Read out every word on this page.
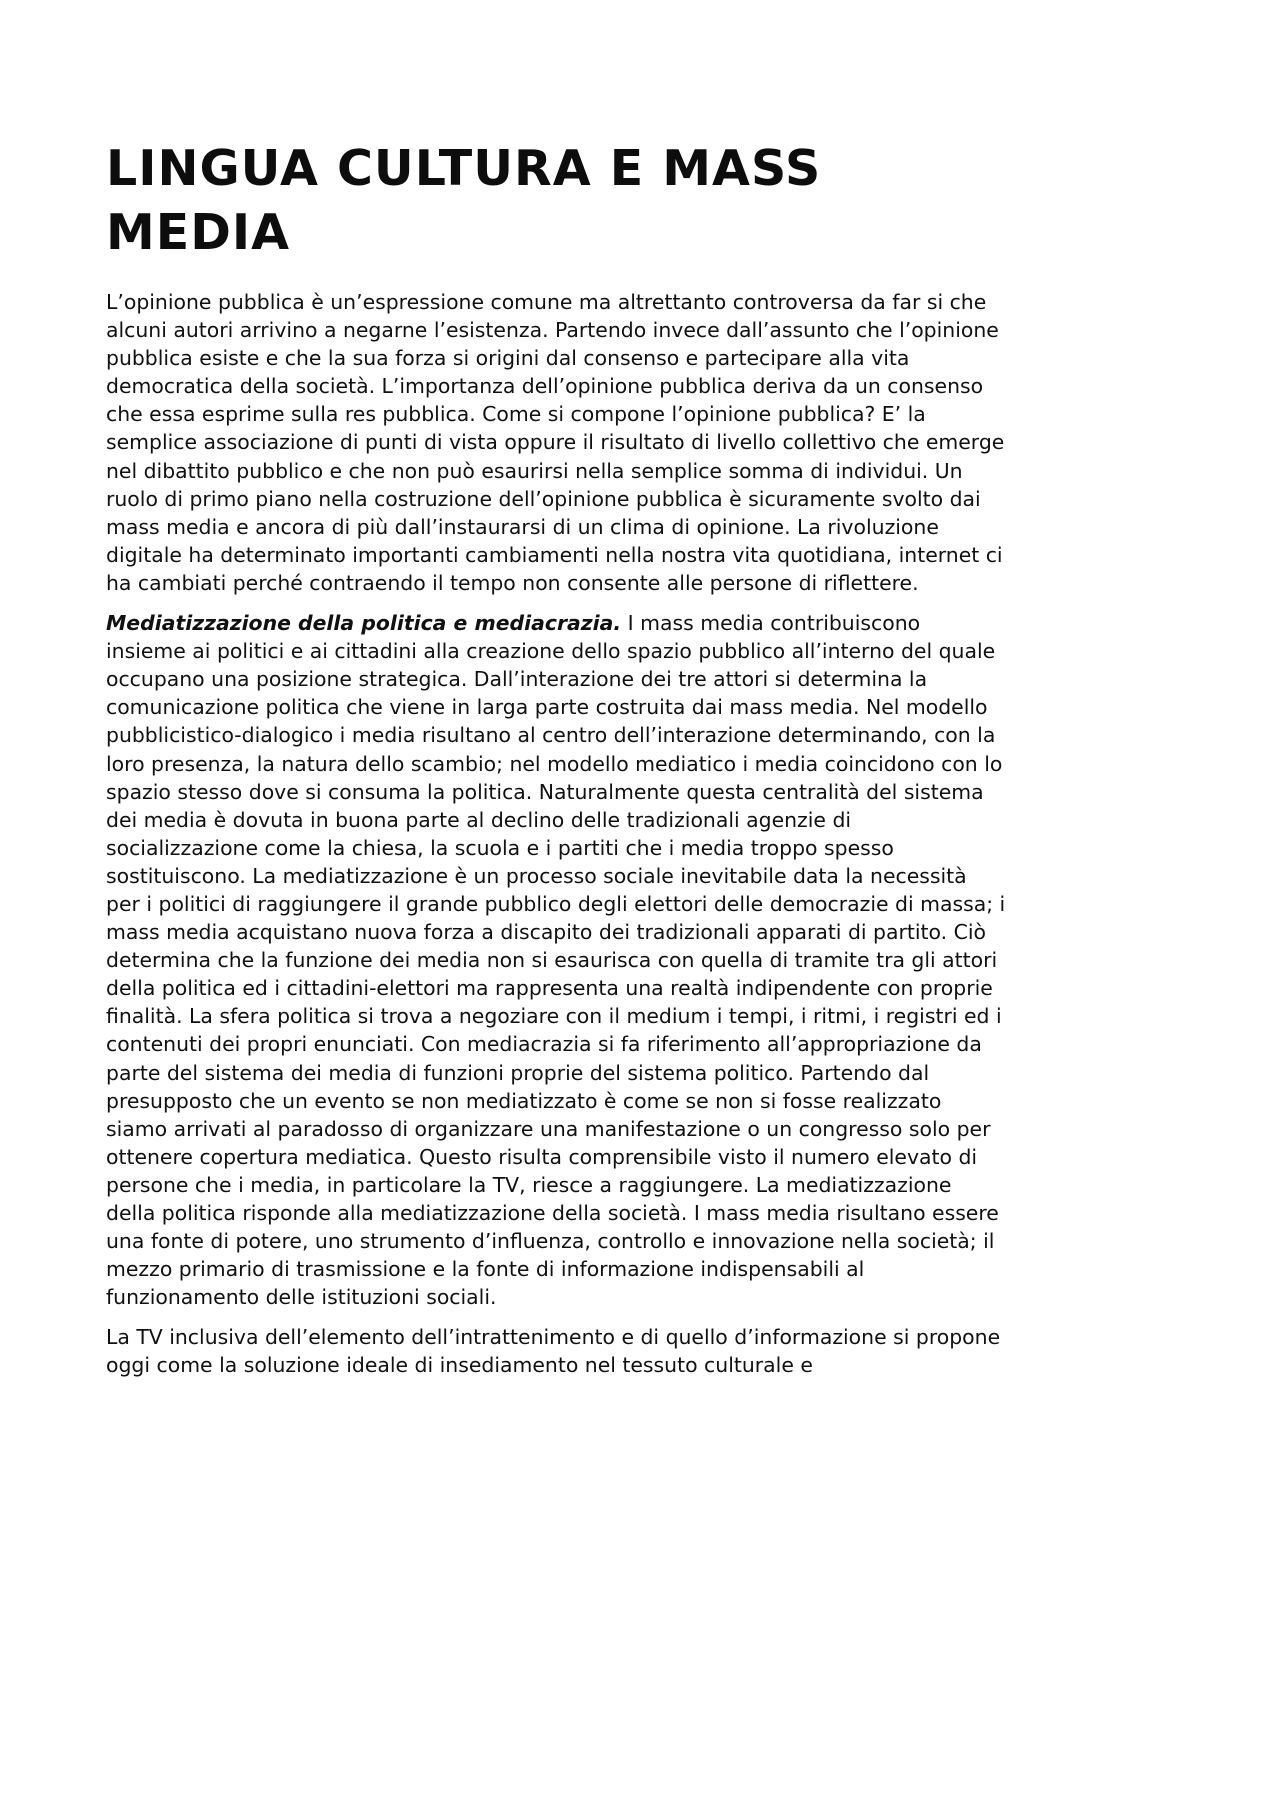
LINGUA CULTURA E MASS MEDIA

L’opinione pubblica è un’espressione comune ma altrettanto controversa da far si che alcuni autori arrivino a negarne l’esistenza. Partendo invece dall’assunto che l’opinione pubblica esiste e che la sua forza si origini dal consenso e partecipare alla vita democratica della società. L’importanza dell’opinione pubblica deriva da un consenso che essa esprime sulla res pubblica. Come si compone l’opinione pubblica? E’ la semplice associazione di punti di vista oppure il risultato di livello collettivo che emerge nel dibattito pubblico e che non può esaurirsi nella semplice somma di individui. Un ruolo di primo piano nella costruzione dell’opinione pubblica è sicuramente svolto dai mass media e ancora di più dall’instaurarsi di un clima di opinione. La rivoluzione digitale ha determinato importanti cambiamenti nella nostra vita quotidiana, internet ci ha cambiati perché contraendo il tempo non consente alle persone di riflettere.

Mediatizzazione della politica e mediacrazia. I mass media contribuiscono insieme ai politici e ai cittadini alla creazione dello spazio pubblico all’interno del quale occupano una posizione strategica. Dall’interazione dei tre attori si determina la comunicazione politica che viene in larga parte costruita dai mass media. Nel modello pubblicistico-dialogico i media risultano al centro dell’interazione determinando, con la loro presenza, la natura dello scambio; nel modello mediatico i media coincidono con lo spazio stesso dove si consuma la politica. Naturalmente questa centralità del sistema dei media è dovuta in buona parte al declino delle tradizionali agenzie di socializzazione come la chiesa, la scuola e i partiti che i media troppo spesso sostituiscono. La mediatizzazione è un processo sociale inevitabile data la necessità per i politici di raggiungere il grande pubblico degli elettori delle democrazie di massa; i mass media acquistano nuova forza a discapito dei tradizionali apparati di partito. Ciò determina che la funzione dei media non si esaurisca con quella di tramite tra gli attori della politica ed i cittadini-elettori ma rappresenta una realtà indipendente con proprie finalità. La sfera politica si trova a negoziare con il medium i tempi, i ritmi, i registri ed i contenuti dei propri enunciati. Con mediacrazia si fa riferimento all’appropriazione da parte del sistema dei media di funzioni proprie del sistema politico. Partendo dal presupposto che un evento se non mediatizzato è come se non si fosse realizzato siamo arrivati al paradosso di organizzare una manifestazione o un congresso solo per ottenere copertura mediatica. Questo risulta comprensibile visto il numero elevato di persone che i media, in particolare la TV, riesce a raggiungere. La mediatizzazione della politica risponde alla mediatizzazione della società. I mass media risultano essere una fonte di potere, uno strumento d’influenza, controllo e innovazione nella società; il mezzo primario di trasmissione e la fonte di informazione indispensabili al funzionamento delle istituzioni sociali.

La TV inclusiva dell’elemento dell’intrattenimento e di quello d’informazione si propone oggi come la soluzione ideale di insediamento nel tessuto culturale e
